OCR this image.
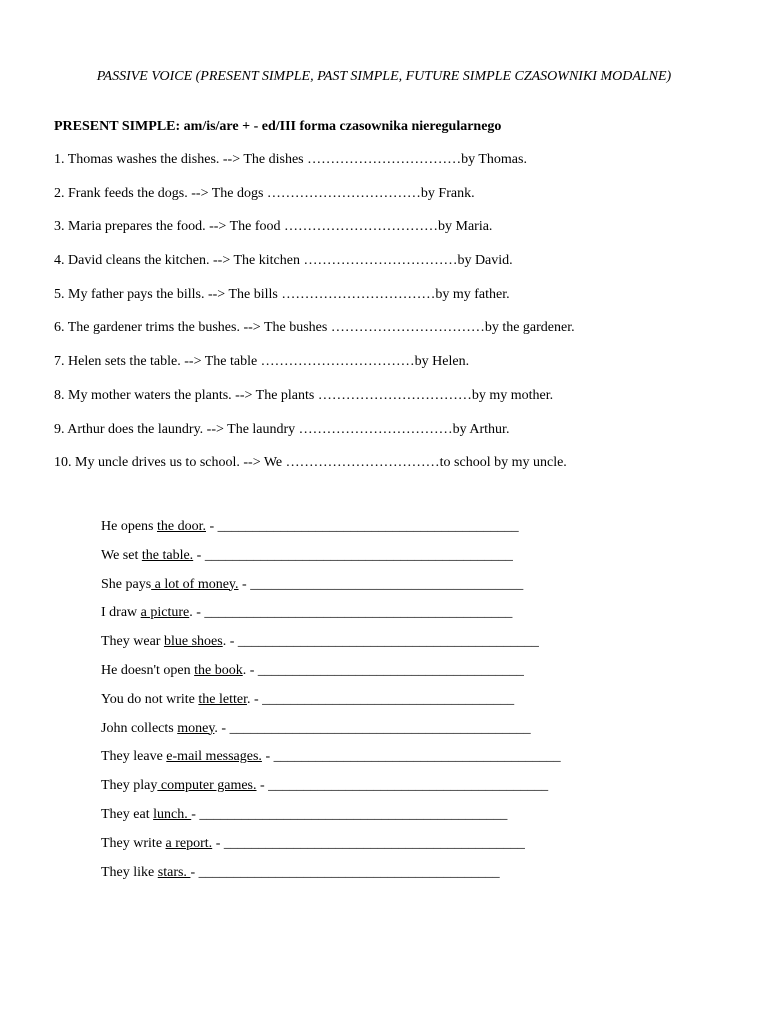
PASSIVE VOICE (PRESENT SIMPLE, PAST SIMPLE, FUTURE SIMPLE CZASOWNIKI MODALNE)
PRESENT SIMPLE: am/is/are + - ed/III forma czasownika nieregularnego
1. Thomas washes the dishes. --> The dishes ……………………………by Thomas.
2. Frank feeds the dogs. --> The dogs ……………………………by Frank.
3. Maria prepares the food. --> The food ……………………………by Maria.
4. David cleans the kitchen. --> The kitchen ……………………………by David.
5. My father pays the bills. --> The bills ……………………………by my father.
6. The gardener trims the bushes. --> The bushes ……………………………by the gardener.
7. Helen sets the table. --> The table ……………………………by Helen.
8. My mother waters the plants. --> The plants ……………………………by my mother.
9. Arthur does the laundry. --> The laundry ……………………………by Arthur.
10. My uncle drives us to school. --> We ……………………………to school by my uncle.
He opens the door. - ___________________________________________
We set the table. - ____________________________________________
She pays a lot of money. - _______________________________________
I draw a picture. - ____________________________________________
They wear blue shoes. - ___________________________________________
He doesn't open the book. - ______________________________________
You do not write the letter. - ____________________________________
John collects money. - ___________________________________________
They leave e-mail messages. - _________________________________________
They play computer games. - ________________________________________
They eat lunch. - ____________________________________________
They write a report. - ___________________________________________
They like stars. - ___________________________________________
